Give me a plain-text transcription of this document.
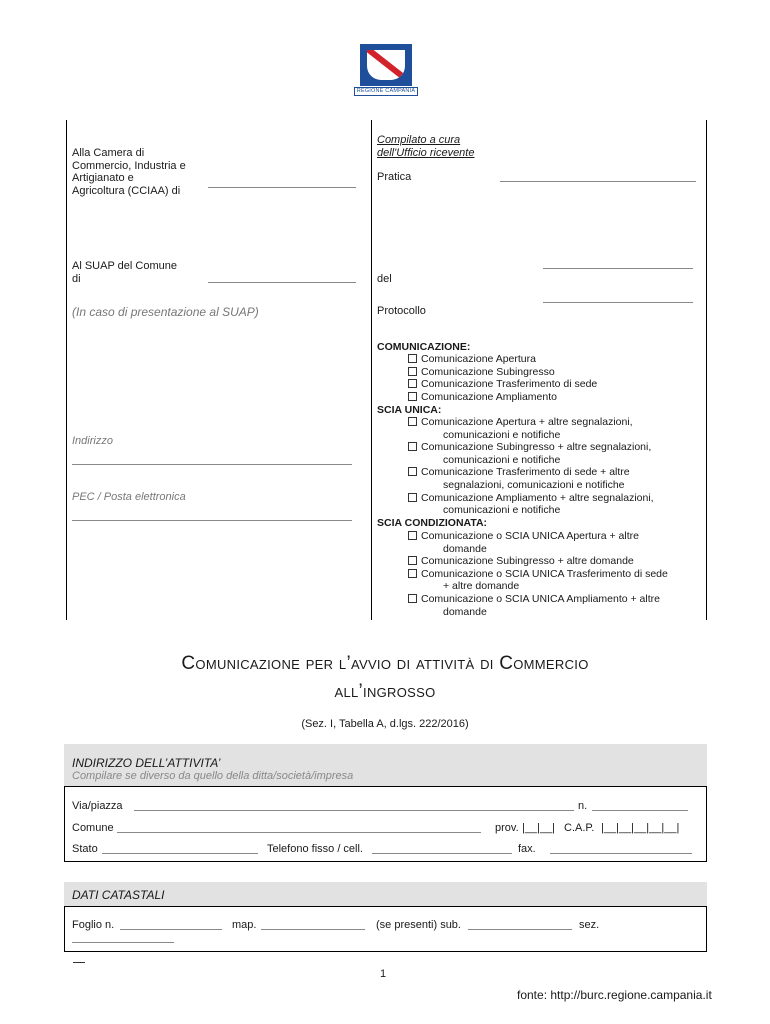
REGIONE CAMPANIA
Alla Camera di
Commercio, Industria e
Artigianato e
Agricoltura (CCIAA) di
Al SUAP del Comune
di
(In caso di presentazione al SUAP)
Indirizzo
PEC / Posta elettronica
Compilato a cura
dell'Ufficio ricevente
Pratica
del
Protocollo
COMUNICAZIONE:
Comunicazione Apertura
Comunicazione Subingresso
Comunicazione Trasferimento di sede
Comunicazione Ampliamento
SCIA UNICA:
Comunicazione Apertura + altre segnalazioni,
comunicazioni e notifiche
Comunicazione Subingresso + altre segnalazioni,
comunicazioni e notifiche
Comunicazione Trasferimento di sede + altre
segnalazioni, comunicazioni e notifiche
Comunicazione Ampliamento + altre segnalazioni,
comunicazioni e notifiche
SCIA CONDIZIONATA:
Comunicazione o SCIA UNICA Apertura + altre
domande
Comunicazione Subingresso + altre domande
Comunicazione o SCIA UNICA Trasferimento di sede
+ altre domande
Comunicazione o SCIA UNICA Ampliamento + altre
domande
Comunicazione per l’avvio di attività di Commercio
all’ingrosso
(Sez. I, Tabella A, d.lgs. 222/2016)
INDIRIZZO DELL’ATTIVITA’
Compilare se diverso da quello della ditta/società/impresa
Via/piazza	n.
Comune	prov. |__|__| C.A.P. |__|__|__|__|__|
Stato	Telefono fisso / cell.	fax.
DATI CATASTALI
Foglio n.	map.	(se presenti) sub.	sez.
1
fonte: http://burc.regione.campania.it
